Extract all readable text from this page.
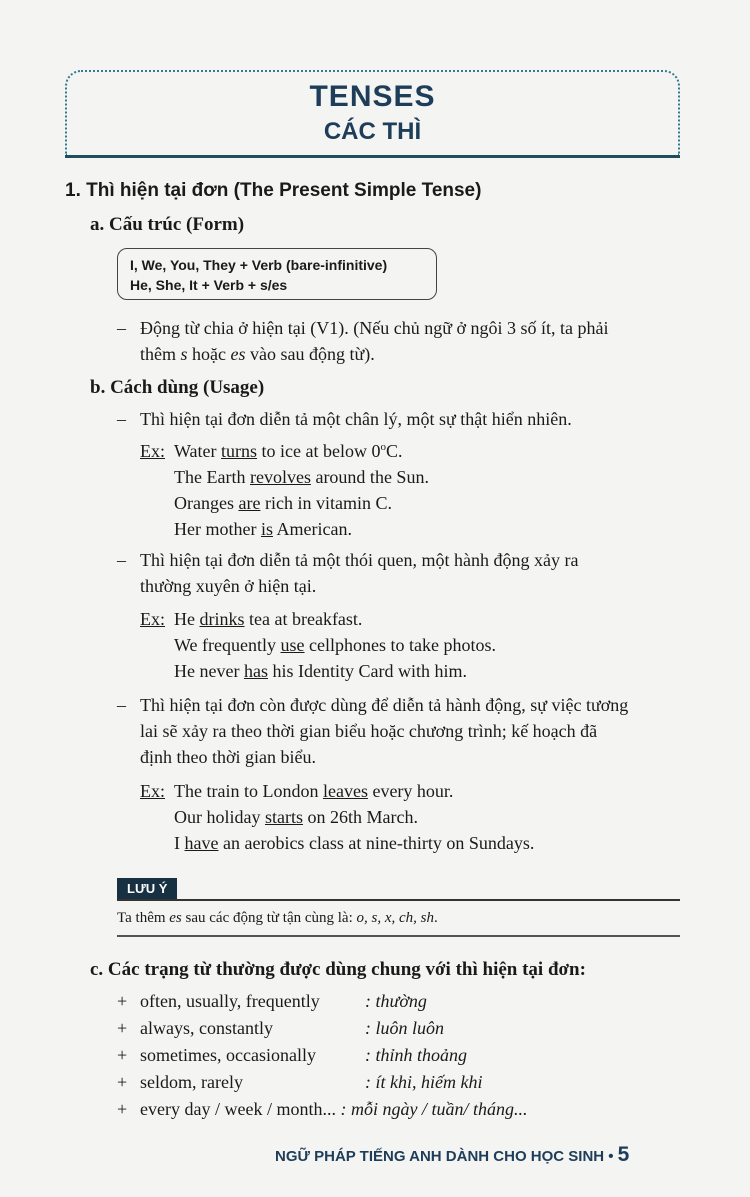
TENSES
CÁC THÌ
1. Thì hiện tại đơn (The Present Simple Tense)
a. Cấu trúc (Form)
I, We, You, They + Verb (bare-infinitive)
He, She, It + Verb + s/es
– Động từ chia ở hiện tại (V1). (Nếu chủ ngữ ở ngôi 3 số ít, ta phải
thêm s hoặc es vào sau động từ).
b. Cách dùng (Usage)
– Thì hiện tại đơn diễn tả một chân lý, một sự thật hiển nhiên.
Ex: Water turns to ice at below 0$^o$C.
The Earth revolves around the Sun.
Oranges are rich in vitamin C.
Her mother is American.
– Thì hiện tại đơn diễn tả một thói quen, một hành động xảy ra
thường xuyên ở hiện tại.
Ex: He drinks tea at breakfast.
We frequently use cellphones to take photos.
He never has his Identity Card with him.
– Thì hiện tại đơn còn được dùng để diễn tả hành động, sự việc tương
lai sẽ xảy ra theo thời gian biểu hoặc chương trình; kế hoạch đã
định theo thời gian biểu.
Ex: The train to London leaves every hour.
Our holiday starts on 26th March.
I have an aerobics class at nine-thirty on Sundays.
LƯU Ý
Ta thêm es sau các động từ tận cùng là: o, s, x, ch, sh.
c. Các trạng từ thường được dùng chung với thì hiện tại đơn:
+ often, usually, frequently	: thường
+ always, constantly	: luôn luôn
+ sometimes, occasionally	: thỉnh thoảng
+ seldom, rarely	: ít khi, hiếm khi
+ every day / week / month... : mỗi ngày / tuần/ tháng...
NGỮ PHÁP TIẾNG ANH DÀNH CHO HỌC SINH • 5
